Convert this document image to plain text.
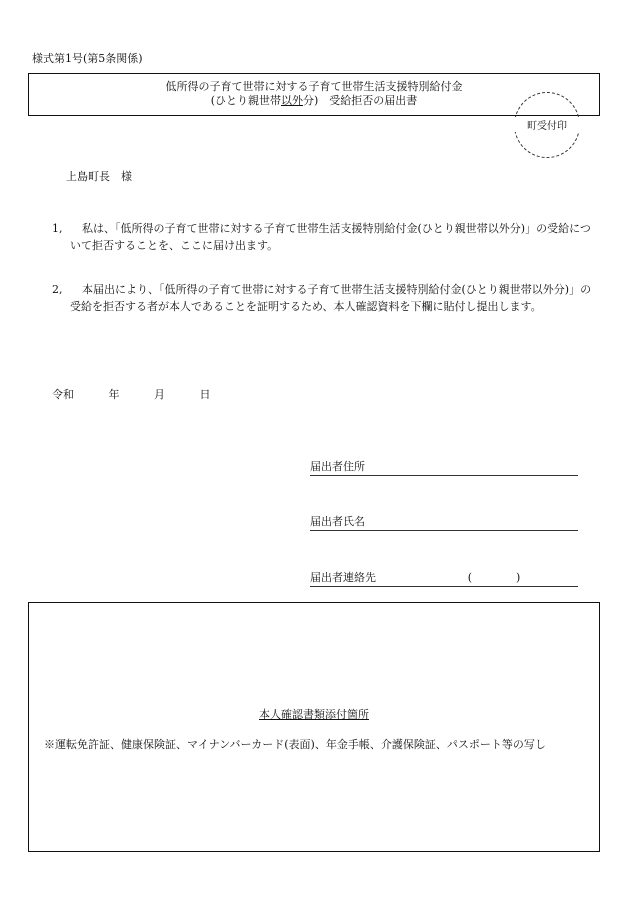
様式第1号(第5条関係)
低所得の子育て世帯に対する子育て世帯生活支援特別給付金
(ひとり親世帯以外分)　受給拒否の届出書
町受付印
上島町長　様
1,	私は、「低所得の子育て世帯に対する子育て世帯生活支援特別給付金(ひとり親世帯以外分)」の受給について拒否することを、ここに届け出ます。
2,	本届出により、「低所得の子育て世帯に対する子育て世帯生活支援特別給付金(ひとり親世帯以外分)」の受給を拒否する者が本人であることを証明するため、本人確認資料を下欄に貼付し提出します。
令和　 年　 月　 日
届出者住所
届出者氏名
届出者連絡先	(　　　　)
本人確認書類添付箇所
※運転免許証、健康保険証、マイナンバーカード(表面)、年金手帳、介護保険証、パスポート等の写し
